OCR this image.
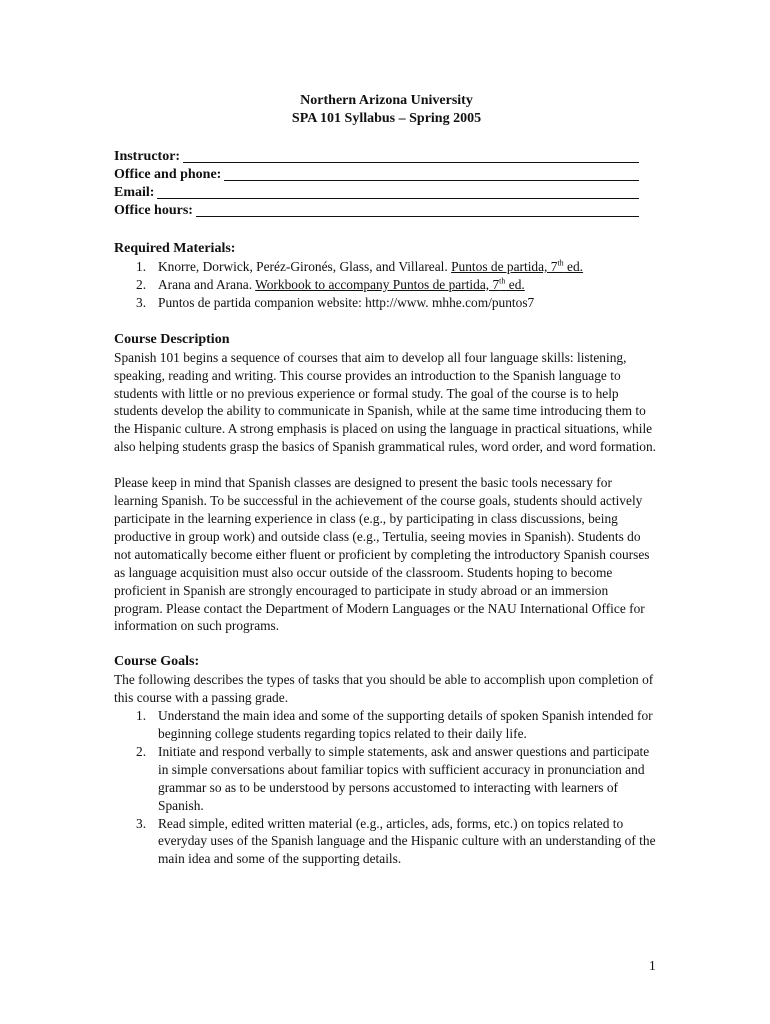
Northern Arizona University
SPA 101 Syllabus – Spring 2005
Instructor:
Office and phone:
Email:
Office hours:
Required Materials:
1. Knorre, Dorwick, Peréz-Gironés, Glass, and Villareal. Puntos de partida, 7th ed.
2. Arana and Arana. Workbook to accompany Puntos de partida, 7th ed.
3. Puntos de partida companion website: http://www. mhhe.com/puntos7
Course Description

Spanish 101 begins a sequence of courses that aim to develop all four language skills: listening, speaking, reading and writing. This course provides an introduction to the Spanish language to students with little or no previous experience or formal study. The goal of the course is to help students develop the ability to communicate in Spanish, while at the same time introducing them to the Hispanic culture. A strong emphasis is placed on using the language in practical situations, while also helping students grasp the basics of Spanish grammatical rules, word order, and word formation.

Please keep in mind that Spanish classes are designed to present the basic tools necessary for learning Spanish. To be successful in the achievement of the course goals, students should actively participate in the learning experience in class (e.g., by participating in class discussions, being productive in group work) and outside class (e.g., Tertulia, seeing movies in Spanish). Students do not automatically become either fluent or proficient by completing the introductory Spanish courses as language acquisition must also occur outside of the classroom. Students hoping to become proficient in Spanish are strongly encouraged to participate in study abroad or an immersion program. Please contact the Department of Modern Languages or the NAU International Office for information on such programs.

Course Goals:

The following describes the types of tasks that you should be able to accomplish upon completion of this course with a passing grade.

1. Understand the main idea and some of the supporting details of spoken Spanish intended for beginning college students regarding topics related to their daily life.
2. Initiate and respond verbally to simple statements, ask and answer questions and participate in simple conversations about familiar topics with sufficient accuracy in pronunciation and grammar so as to be understood by persons accustomed to interacting with learners of Spanish.
3. Read simple, edited written material (e.g., articles, ads, forms, etc.) on topics related to everyday uses of the Spanish language and the Hispanic culture with an understanding of the main idea and some of the supporting details.
1
